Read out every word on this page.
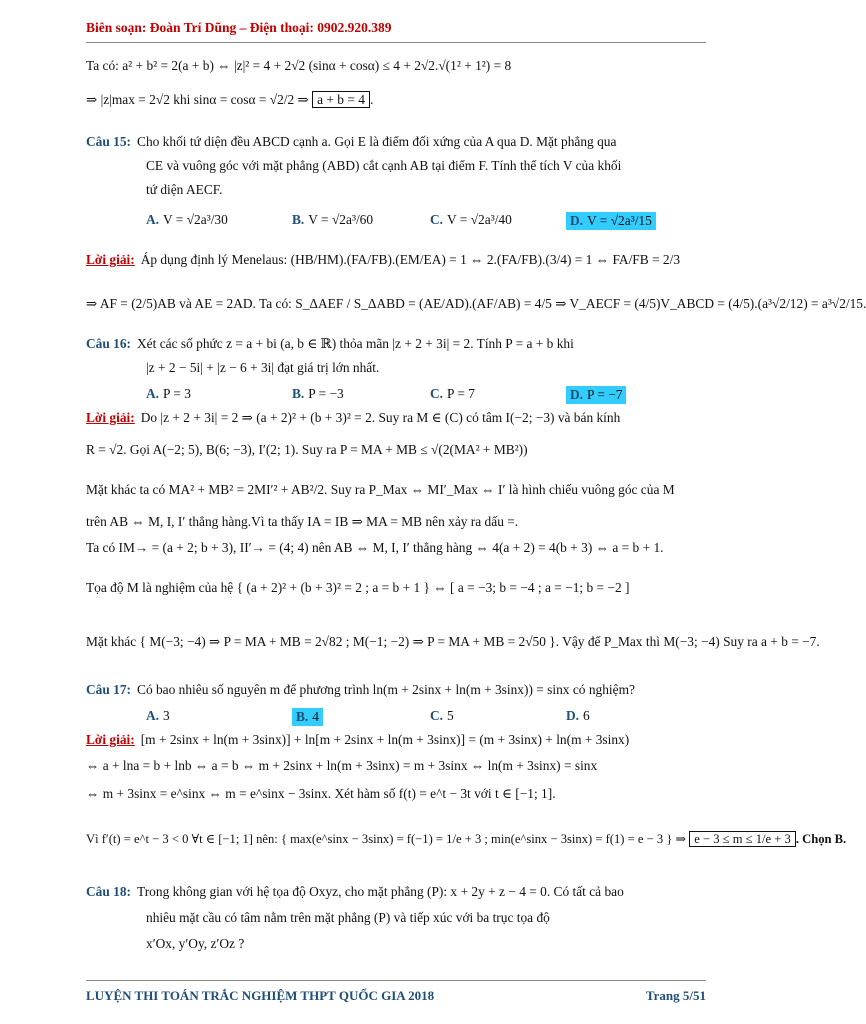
Biên soạn: Đoàn Trí Dũng – Điện thoại: 0902.920.389
Ta có: a² + b² = 2(a + b) ⇔ |z|² = 4 + 2√2 (sinα + cosα) ≤ 4 + 2√2.√(1² + 1²) = 8
⇒ |z|max = 2√2 khi sinα = cosα = √2/2 ⇒ a + b = 4 .
Câu 15: Cho khối tứ diện đều ABCD cạnh a. Gọi E là điểm đối xứng của A qua D. Mặt phẳng qua
CE và vuông góc với mặt phẳng (ABD) cắt cạnh AB tại điểm F. Tính thể tích V của khối
tứ diện AECF.
A. V = √2a³/30	B. V = √2a³/60	C. V = √2a³/40	D. V = √2a³/15
Lời giải: Áp dụng định lý Menelaus: (HB/HM).(FA/FB).(EM/EA) = 1 ⇔ 2.(FA/FB).(3/4) = 1 ⇔ FA/FB = 2/3
⇒ AF = (2/5)AB và AE = 2AD. Ta có: S_ΔAEF / S_ΔABD = (AE/AD).(AF/AB) = 4/5 ⇒ V_AECF = (4/5)V_ABCD = (4/5).(a³√2/12) = a³√2/15.
Câu 16: Xét các số phức z = a + bi (a, b ∈ ℝ) thỏa mãn |z + 2 + 3i| = 2. Tính P = a + b khi
|z + 2 − 5i| + |z − 6 + 3i| đạt giá trị lớn nhất.
A. P = 3	B. P = −3	C. P = 7	D. P = −7
Lời giải: Do |z + 2 + 3i| = 2 ⇒ (a + 2)² + (b + 3)² = 2. Suy ra M ∈ (C) có tâm I(−2; −3) và bán kính
R = √2. Gọi A(−2; 5), B(6; −3), I′(2; 1). Suy ra P = MA + MB ≤ √(2(MA² + MB²))
Mặt khác ta có MA² + MB² = 2MI′² + AB²/2. Suy ra P_Max ⇔ MI′_Max ⇔ I′ là hình chiếu vuông góc của M
trên AB ⇔ M, I, I′ thẳng hàng.Vì ta thấy IA = IB ⇒ MA = MB nên xảy ra dấu =.
Ta có IM→ = (a + 2; b + 3), II′→ = (4; 4) nên AB ⇔ M, I, I′ thẳng hàng ⇔ 4(a + 2) = 4(b + 3) ⇔ a = b + 1.
Tọa độ M là nghiệm của hệ { (a + 2)² + (b + 3)² = 2 ; a = b + 1 } ⇔ [ a = −3; b = −4 ; a = −1; b = −2 ]
Mặt khác { M(−3; −4) ⇒ P = MA + MB = 2√82 ; M(−1; −2) ⇒ P = MA + MB = 2√50 }. Vậy để P_Max thì M(−3; −4) Suy ra a + b = −7.
Câu 17: Có bao nhiêu số nguyên m để phương trình ln(m + 2sinx + ln(m + 3sinx)) = sinx có nghiệm?
A. 3	B. 4	C. 5	D. 6
Lời giải: [m + 2sinx + ln(m + 3sinx)] + ln[m + 2sinx + ln(m + 3sinx)] = (m + 3sinx) + ln(m + 3sinx)
⇔ a + lna = b + lnb ⇔ a = b ⇔ m + 2sinx + ln(m + 3sinx) = m + 3sinx ⇔ ln(m + 3sinx) = sinx
⇔ m + 3sinx = e^sinx ⇔ m = e^sinx − 3sinx. Xét hàm số f(t) = e^t − 3t với t ∈ [−1; 1].
Vì f′(t) = e^t − 3 < 0 ∀t ∈ [−1; 1] nên: { max(e^sinx − 3sinx) = f(−1) = 1/e + 3 ; min(e^sinx − 3sinx) = f(1) = e − 3 } ⇒ e − 3 ≤ m ≤ 1/e + 3 . Chọn B.
Câu 18: Trong không gian với hệ tọa độ Oxyz, cho mặt phẳng (P): x + 2y + z − 4 = 0. Có tất cả bao
nhiêu mặt cầu có tâm nằm trên mặt phẳng (P) và tiếp xúc với ba trục tọa độ
x′Ox, y′Oy, z′Oz ?
LUYỆN THI TOÁN TRẮC NGHIỆM THPT QUỐC GIA 2018	Trang 5/51
